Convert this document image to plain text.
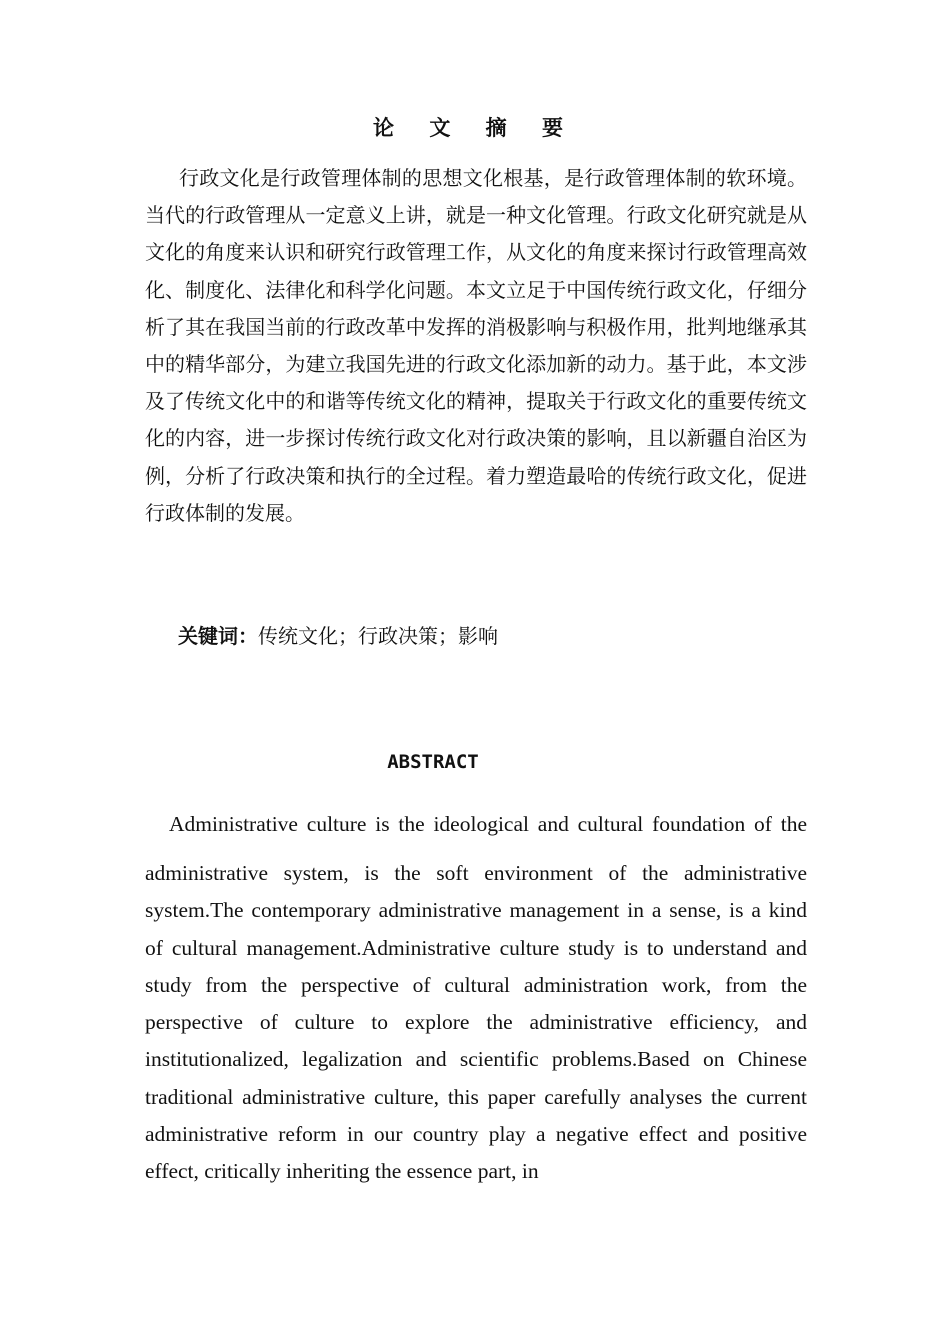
论 文 摘 要

行政文化是行政管理体制的思想文化根基，是行政管理体制的软环境。当代的行政管理从一定意义上讲，就是一种文化管理。行政文化研究就是从文化的角度来认识和研究行政管理工作，从文化的角度来探讨行政管理高效化、制度化、法律化和科学化问题。本文立足于中国传统行政文化，仔细分析了其在我国当前的行政改革中发挥的消极影响与积极作用，批判地继承其中的精华部分，为建立我国先进的行政文化添加新的动力。基于此，本文涉及了传统文化中的和谐等传统文化的精神，提取关于行政文化的重要传统文化的内容，进一步探讨传统行政文化对行政决策的影响，且以新疆自治区为例，分析了行政决策和执行的全过程。着力塑造最哈的传统行政文化，促进行政体制的发展。

关键词：传统文化；行政决策；影响
ABSTRACT
Administrative culture is the ideological and cultural foundation of the
administrative system, is the soft environment of the administrative system.The contemporary administrative management in a sense, is a kind of cultural management.Administrative culture study is to understand and study from the perspective of cultural administration work, from the perspective of culture to explore the administrative efficiency, and institutionalized, legalization and scientific problems.Based on Chinese traditional administrative culture, this paper carefully analyses the current administrative reform in our country play a negative effect and positive effect, critically inheriting the essence part, in
